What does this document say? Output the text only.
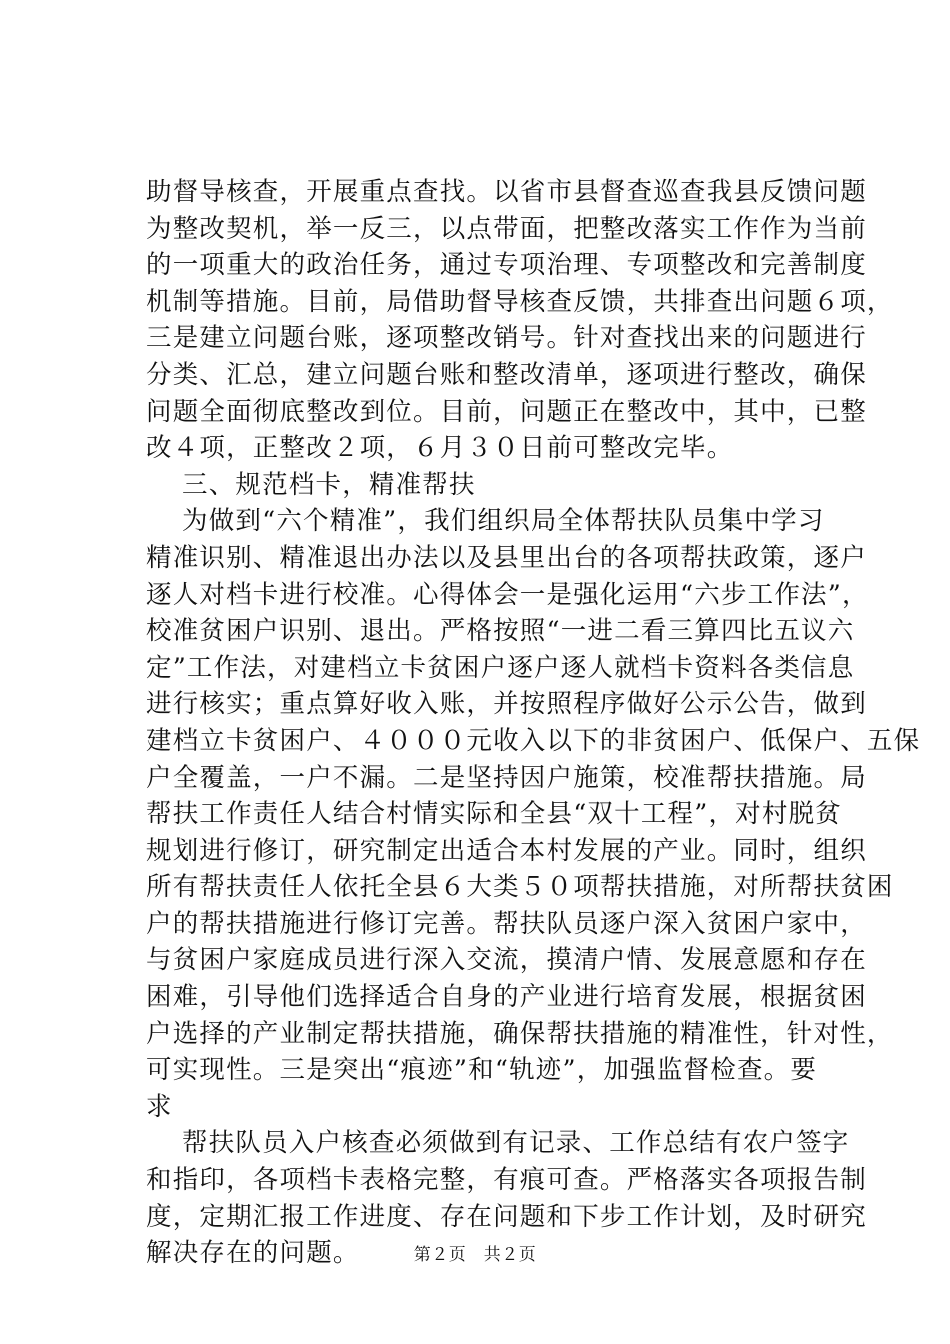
助督导核查，开展重点查找。以省市县督查巡查我县反馈问题
为整改契机，举一反三，以点带面，把整改落实工作作为当前
的一项重大的政治任务，通过专项治理、专项整改和完善制度
机制等措施。目前，局借助督导核查反馈，共排查出问题６项，
三是建立问题台账，逐项整改销号。针对查找出来的问题进行
分类、汇总，建立问题台账和整改清单，逐项进行整改，确保
问题全面彻底整改到位。目前，问题正在整改中，其中，已整
改４项，正整改２项，６月３０日前可整改完毕。
三、规范档卡，精准帮扶
为做到“六个精准”，我们组织局全体帮扶队员集中学习
精准识别、精准退出办法以及县里出台的各项帮扶政策，逐户
逐人对档卡进行校准。心得体会一是强化运用“六步工作法”，
校准贫困户识别、退出。严格按照“一进二看三算四比五议六
定”工作法，对建档立卡贫困户逐户逐人就档卡资料各类信息
进行核实；重点算好收入账，并按照程序做好公示公告，做到
建档立卡贫困户、４０００元收入以下的非贫困户、低保户、五保
户全覆盖，一户不漏。二是坚持因户施策，校准帮扶措施。局
帮扶工作责任人结合村情实际和全县“双十工程”，对村脱贫
规划进行修订，研究制定出适合本村发展的产业。同时，组织
所有帮扶责任人依托全县６大类５０项帮扶措施，对所帮扶贫困
户的帮扶措施进行修订完善。帮扶队员逐户深入贫困户家中，
与贫困户家庭成员进行深入交流，摸清户情、发展意愿和存在
困难，引导他们选择适合自身的产业进行培育发展，根据贫困
户选择的产业制定帮扶措施，确保帮扶措施的精准性，针对性，
可实现性。三是突出“痕迹”和“轨迹”，加强监督检查。要
求
帮扶队员入户核查必须做到有记录、工作总结有农户签字
和指印，各项档卡表格完整，有痕可查。严格落实各项报告制
度，定期汇报工作进度、存在问题和下步工作计划，及时研究
解决存在的问题。	第２页　共２页
